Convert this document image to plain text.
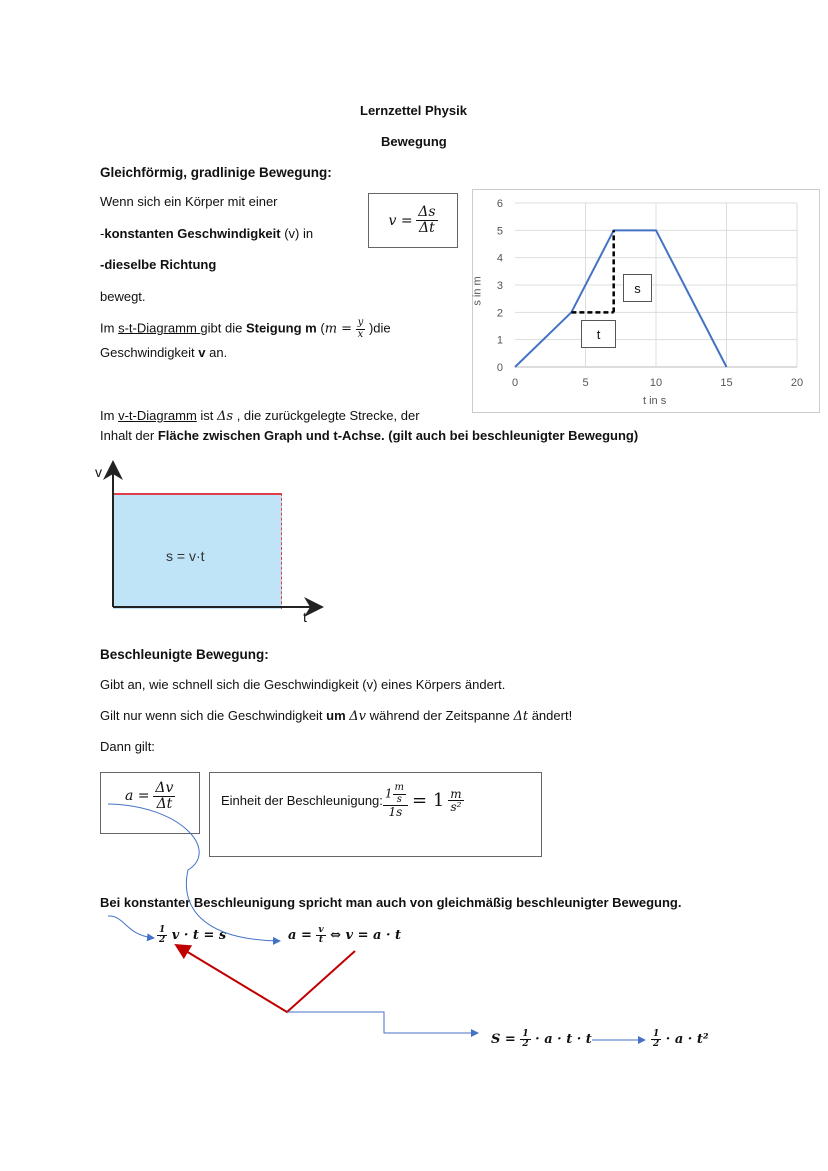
Lernzettel Physik
Bewegung
Gleichförmig, gradlinige Bewegung:
Wenn sich ein Körper mit einer
-konstanten Geschwindigkeit (v) in
-dieselbe Richtung
bewegt.
Im s-t-Diagramm gibt die Steigung m $(m = \frac{y}{x} )die$
Geschwindigkeit v an.
v =
$\frac{\Delta s}{\Delta t}$
Im v-t-Diagramm ist Δs , die zurückgelegte Strecke, der
Inhalt der Fläche zwischen Graph und t-Achse. (gilt auch bei beschleunigter Bewegung)
0
1
2
3
4
5
6
0	5	10	15	20
s
t
t in s
s in m
s = v·t
v
t
Beschleunigte Bewegung:
Gibt an, wie schnell sich die Geschwindigkeit (v) eines Körpers ändert.
Gilt nur wenn sich die Geschwindigkeit um Δv während der Zeitspanne Δt ändert!
Dann gilt:
$a = \frac{\Delta v}{\Delta t}$	Einheit der Beschleunigung: $\frac{1 \frac{m}{s}}{1s} = 1 \frac{m}{\text{s²}}$
Bei konstanter Beschleunigung spricht man auch von gleichmäßig beschleunigter Bewegung.
$\frac{1}{2}$
v · t = s	a =
$\frac{v}{t}$
⇔ v = a · t
S =
$\frac{1}{2}$
· a · t · t	$\frac{1}{2}$
· a · t²
